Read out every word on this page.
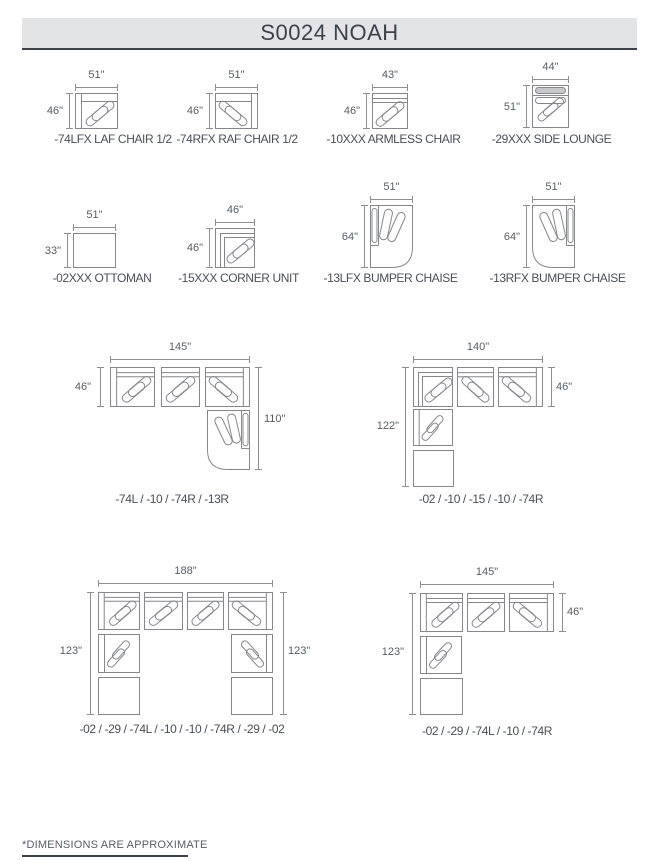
S0024 NOAH
51"
46"
-74LFX LAF CHAIR 1/2
51"
46"
-74RFX RAF CHAIR 1/2
43"
46"
-10XXX ARMLESS CHAIR
44"
51"
-29XXX SIDE LOUNGE
51"
33"
-02XXX OTTOMAN
46"
46"
-15XXX CORNER UNIT
51"
64"
-13LFX BUMPER CHAISE
51"
64"
-13RFX BUMPER CHAISE
145"
46"
110"
-74L / -10 / -74R / -13R
140"
46"
122"
-02 / -10 / -15 / -10 / -74R
188"
123"	123"
-02 / -29 / -74L / -10 / -10 / -74R / -29 / -02
145"
46"
123"
-02 / -29 / -74L / -10 / -74R
*DIMENSIONS ARE APPROXIMATE
